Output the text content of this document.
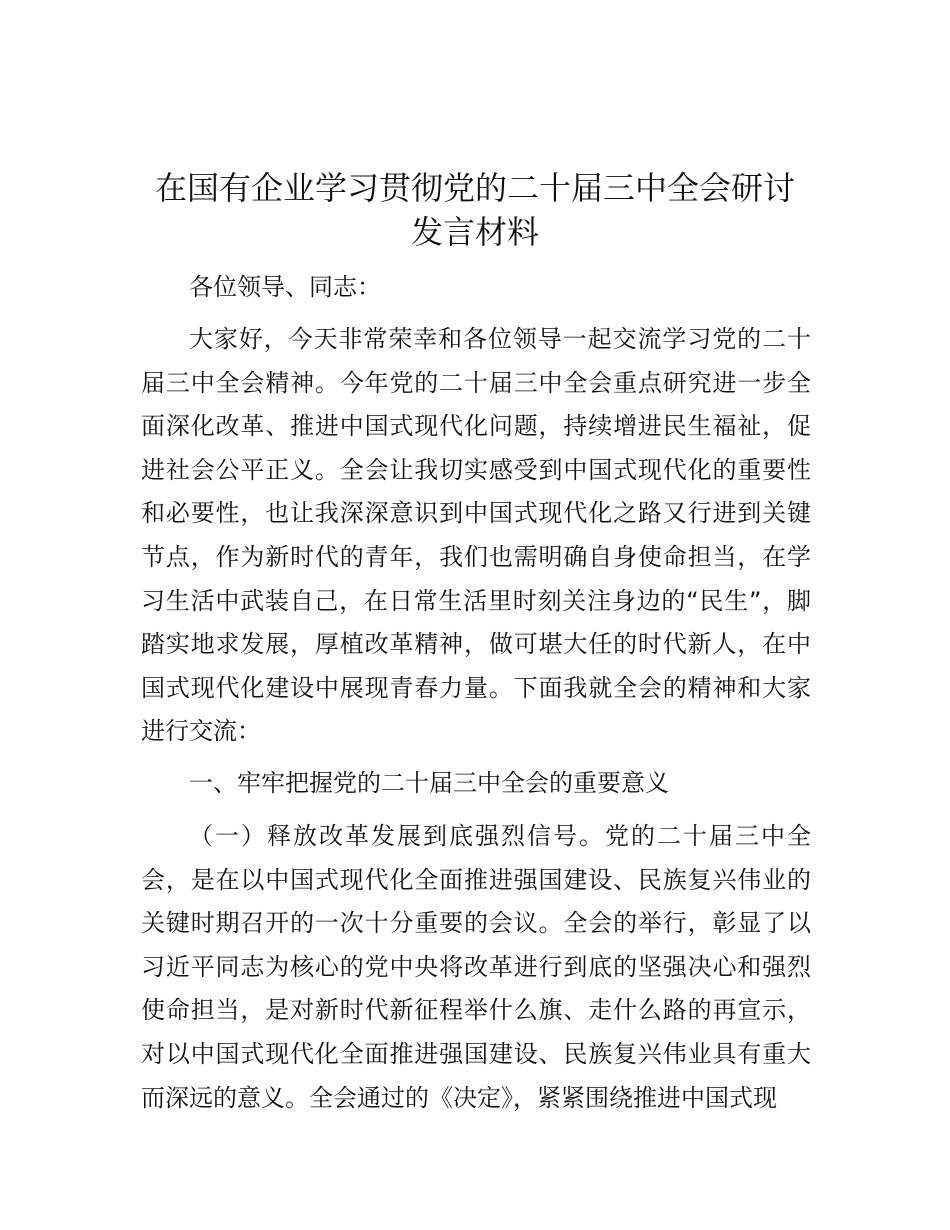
在国有企业学习贯彻党的二十届三中全会研讨
发言材料

各位领导、同志：

大家好，今天非常荣幸和各位领导一起交流学习党的二十届三中全会精神。今年党的二十届三中全会重点研究进一步全面深化改革、推进中国式现代化问题，持续增进民生福祉，促进社会公平正义。全会让我切实感受到中国式现代化的重要性和必要性，也让我深深意识到中国式现代化之路又行进到关键节点，作为新时代的青年，我们也需明确自身使命担当，在学习生活中武装自己，在日常生活里时刻关注身边的“民生”，脚踏实地求发展，厚植改革精神，做可堪大任的时代新人，在中国式现代化建设中展现青春力量。下面我就全会的精神和大家进行交流：

一、牢牢把握党的二十届三中全会的重要意义

（一）释放改革发展到底强烈信号。党的二十届三中全会，是在以中国式现代化全面推进强国建设、民族复兴伟业的关键时期召开的一次十分重要的会议。全会的举行，彰显了以习近平同志为核心的党中央将改革进行到底的坚强决心和强烈使命担当，是对新时代新征程举什么旗、走什么路的再宣示，对以中国式现代化全面推进强国建设、民族复兴伟业具有重大而深远的意义。全会通过的《决定》，紧紧围绕推进中国式现
